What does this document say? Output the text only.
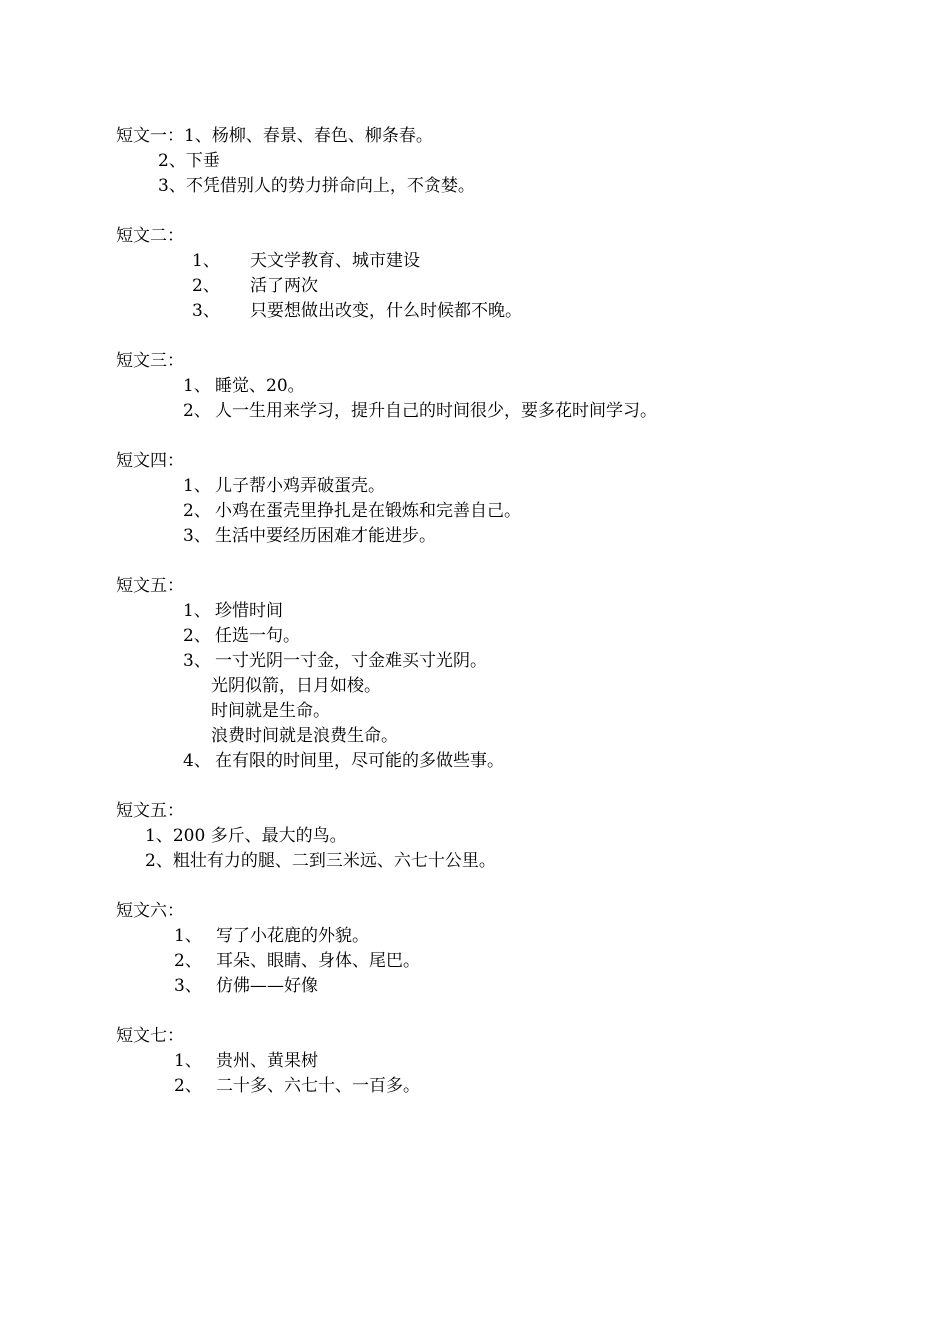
短文一：1、杨柳、春景、春色、柳条春。
2、下垂
3、不凭借别人的势力拼命向上，不贪婪。
短文二：
1、 天文学教育、城市建设
2、 活了两次
3、 只要想做出改变，什么时候都不晚。
短文三：
1、 睡觉、20。
2、 人一生用来学习，提升自己的时间很少，要多花时间学习。
短文四：
1、 儿子帮小鸡弄破蛋壳。
2、 小鸡在蛋壳里挣扎是在锻炼和完善自己。
3、 生活中要经历困难才能进步。
短文五：
1、 珍惜时间
2、 任选一句。
3、 一寸光阴一寸金，寸金难买寸光阴。
光阴似箭，日月如梭。
时间就是生命。
浪费时间就是浪费生命。
4、 在有限的时间里，尽可能的多做些事。
短文五：
1、200 多斤、最大的鸟。
2、粗壮有力的腿、二到三米远、六七十公里。
短文六：
1、 写了小花鹿的外貌。
2、 耳朵、眼睛、身体、尾巴。
3、 仿佛——好像
短文七：
1、 贵州、黄果树
2、 二十多、六七十、一百多。
